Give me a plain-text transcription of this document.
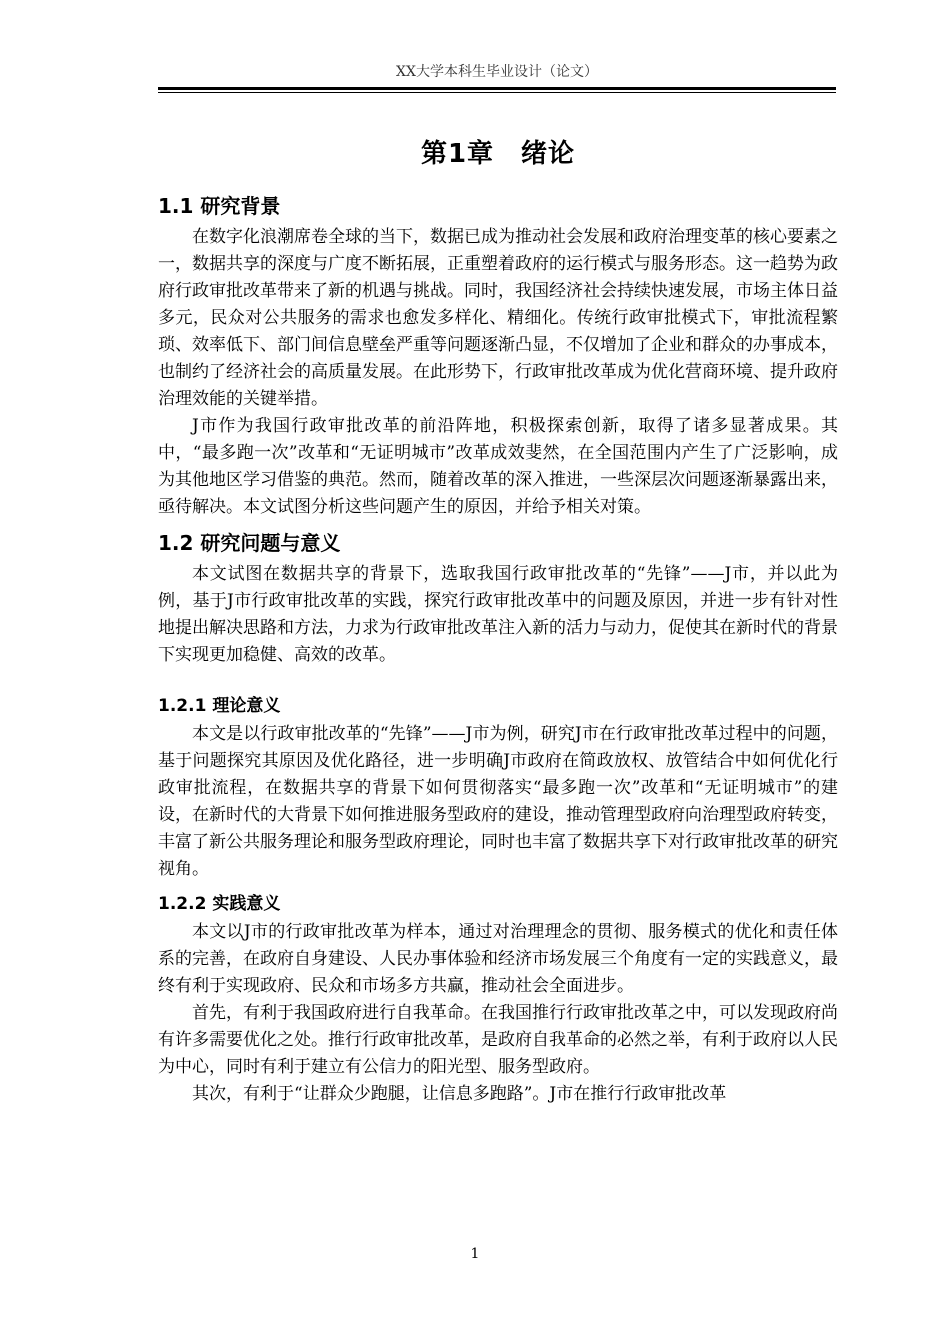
XX大学本科生毕业设计（论文）
第1章　绪论
1.1 研究背景

在数字化浪潮席卷全球的当下，数据已成为推动社会发展和政府治理变革的核心要素之一，数据共享的深度与广度不断拓展，正重塑着政府的运行模式与服务形态。这一趋势为政府行政审批改革带来了新的机遇与挑战。同时，我国经济社会持续快速发展，市场主体日益多元，民众对公共服务的需求也愈发多样化、精细化。传统行政审批模式下，审批流程繁琐、效率低下、部门间信息壁垒严重等问题逐渐凸显，不仅增加了企业和群众的办事成本，也制约了经济社会的高质量发展。在此形势下，行政审批改革成为优化营商环境、提升政府治理效能的关键举措。

J市作为我国行政审批改革的前沿阵地，积极探索创新，取得了诸多显著成果。其中，“最多跑一次”改革和“无证明城市”改革成效斐然，在全国范围内产生了广泛影响，成为其他地区学习借鉴的典范。然而，随着改革的深入推进，一些深层次问题逐渐暴露出来，亟待解决。本文试图分析这些问题产生的原因，并给予相关对策。

1.2 研究问题与意义

本文试图在数据共享的背景下，选取我国行政审批改革的“先锋”——J市，并以此为例，基于J市行政审批改革的实践，探究行政审批改革中的问题及原因，并进一步有针对性地提出解决思路和方法，力求为行政审批改革注入新的活力与动力，促使其在新时代的背景下实现更加稳健、高效的改革。

1.2.1 理论意义

本文是以行政审批改革的“先锋”——J市为例，研究J市在行政审批改革过程中的问题，基于问题探究其原因及优化路径，进一步明确J市政府在简政放权、放管结合中如何优化行政审批流程，在数据共享的背景下如何贯彻落实“最多跑一次”改革和“无证明城市”的建设，在新时代的大背景下如何推进服务型政府的建设，推动管理型政府向治理型政府转变，丰富了新公共服务理论和服务型政府理论，同时也丰富了数据共享下对行政审批改革的研究视角。

1.2.2 实践意义

本文以J市的行政审批改革为样本，通过对治理理念的贯彻、服务模式的优化和责任体系的完善，在政府自身建设、人民办事体验和经济市场发展三个角度有一定的实践意义，最终有利于实现政府、民众和市场多方共赢，推动社会全面进步。

首先，有利于我国政府进行自我革命。在我国推行行政审批改革之中，可以发现政府尚有许多需要优化之处。推行行政审批改革，是政府自我革命的必然之举，有利于政府以人民为中心，同时有利于建立有公信力的阳光型、服务型政府。

其次，有利于“让群众少跑腿，让信息多跑路”。J市在推行行政审批改革

1
